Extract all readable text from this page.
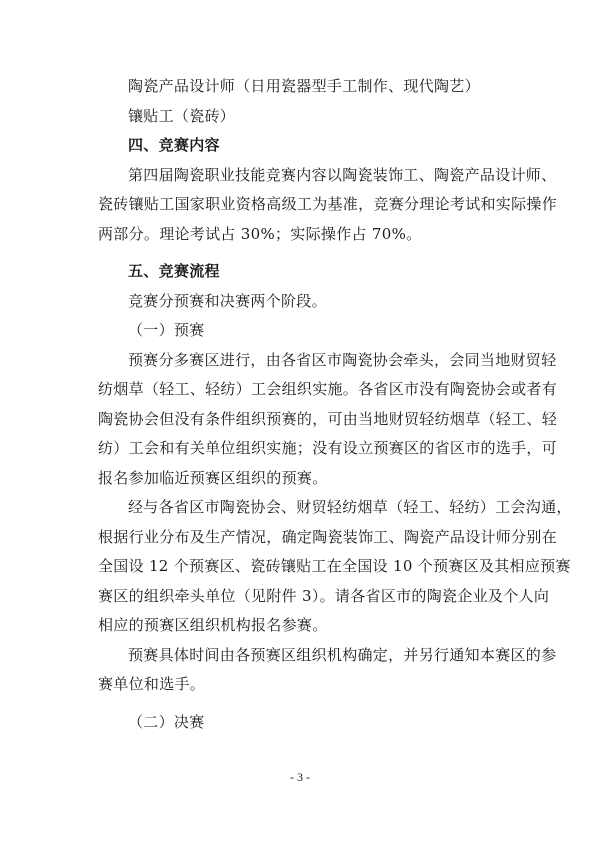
陶瓷产品设计师（日用瓷器型手工制作、现代陶艺）
镶贴工（瓷砖）
四、竞赛内容
第四届陶瓷职业技能竞赛内容以陶瓷装饰工、陶瓷产品设计师、
瓷砖镶贴工国家职业资格高级工为基准，竞赛分理论考试和实际操作
两部分。理论考试占 30%；实际操作占 70%。
五、竞赛流程
竞赛分预赛和决赛两个阶段。
（一）预赛
预赛分多赛区进行，由各省区市陶瓷协会牵头，会同当地财贸轻
纺烟草（轻工、轻纺）工会组织实施。各省区市没有陶瓷协会或者有
陶瓷协会但没有条件组织预赛的，可由当地财贸轻纺烟草（轻工、轻
纺）工会和有关单位组织实施；没有设立预赛区的省区市的选手，可
报名参加临近预赛区组织的预赛。
经与各省区市陶瓷协会、财贸轻纺烟草（轻工、轻纺）工会沟通，
根据行业分布及生产情况，确定陶瓷装饰工、陶瓷产品设计师分别在
全国设 12 个预赛区、瓷砖镶贴工在全国设 10 个预赛区及其相应预赛
赛区的组织牵头单位（见附件 3）。请各省区市的陶瓷企业及个人向
相应的预赛区组织机构报名参赛。
预赛具体时间由各预赛区组织机构确定，并另行通知本赛区的参
赛单位和选手。
（二）决赛
- 3 -
